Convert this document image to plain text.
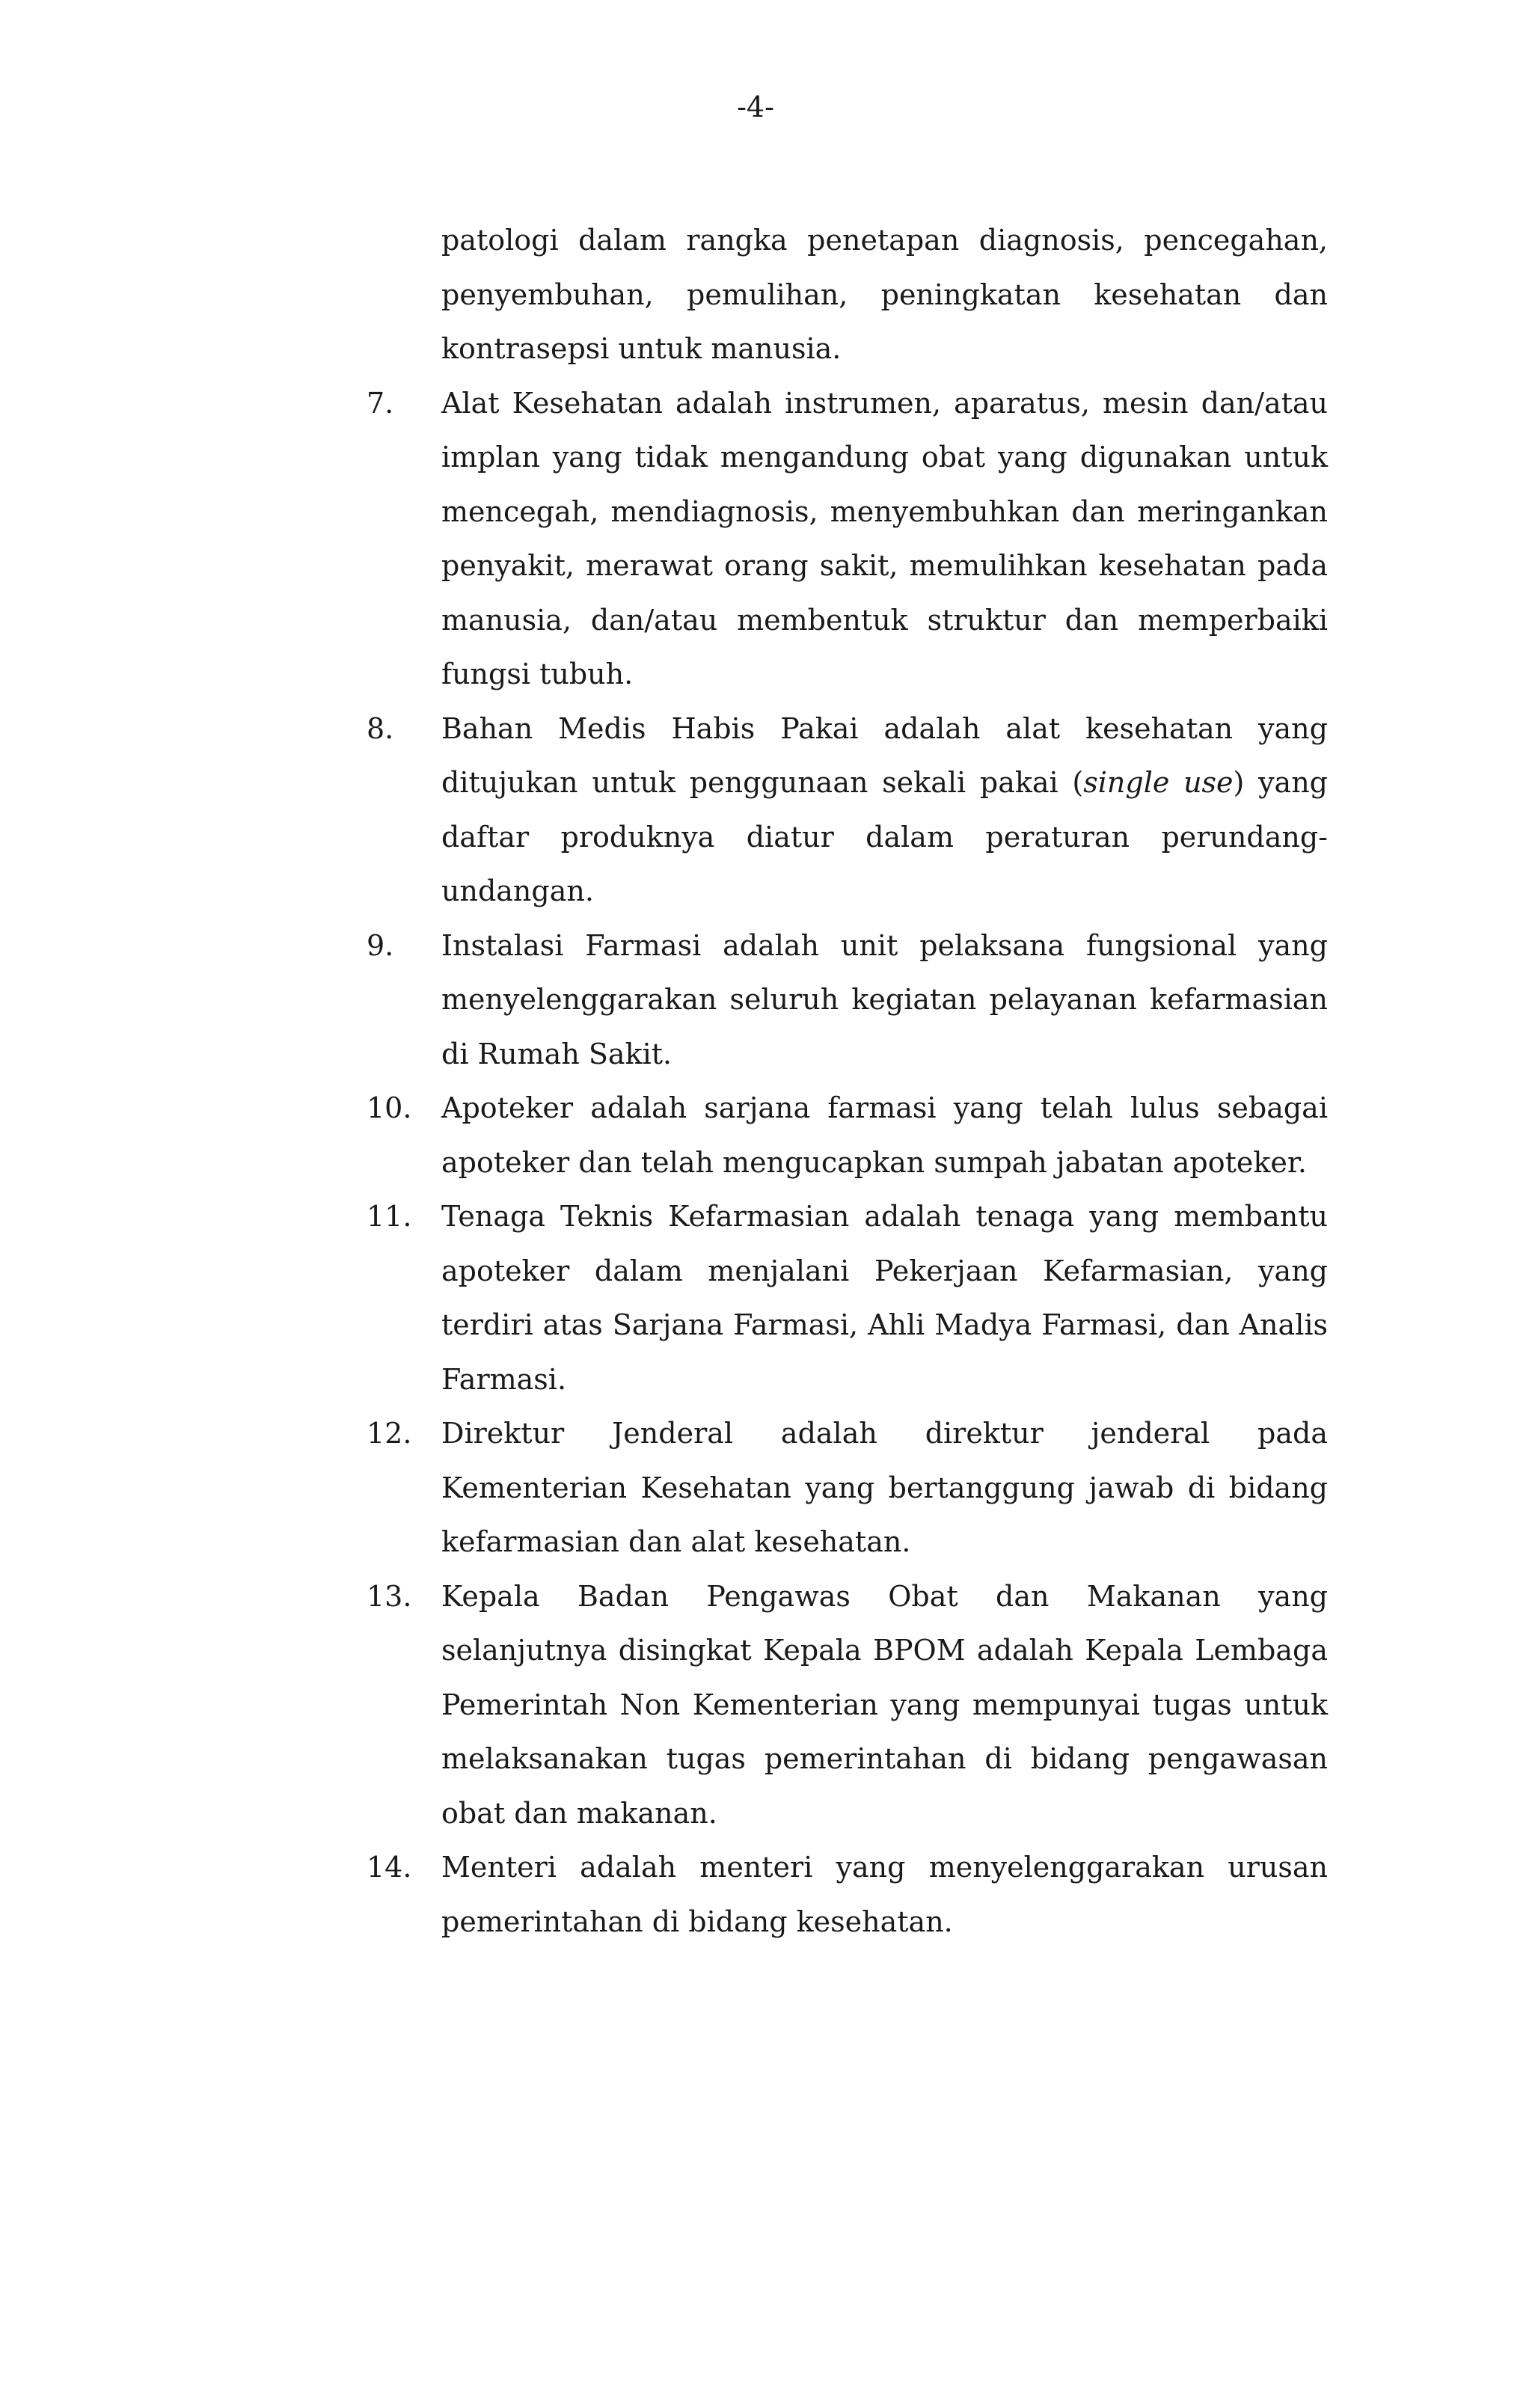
-4-

patologi dalam rangka penetapan diagnosis, pencegahan, penyembuhan, pemulihan, peningkatan kesehatan dan kontrasepsi untuk manusia.

7.	Alat Kesehatan adalah instrumen, aparatus, mesin dan/atau implan yang tidak mengandung obat yang digunakan untuk mencegah, mendiagnosis, menyembuhkan dan meringankan penyakit, merawat orang sakit, memulihkan kesehatan pada manusia, dan/atau membentuk struktur dan memperbaiki fungsi tubuh.
8.	Bahan Medis Habis Pakai adalah alat kesehatan yang ditujukan untuk penggunaan sekali pakai (single use) yang daftar produknya diatur dalam peraturan perundang-undangan.
9.	Instalasi Farmasi adalah unit pelaksana fungsional yang menyelenggarakan seluruh kegiatan pelayanan kefarmasian di Rumah Sakit.
10.	Apoteker adalah sarjana farmasi yang telah lulus sebagai apoteker dan telah mengucapkan sumpah jabatan apoteker.
11.	Tenaga Teknis Kefarmasian adalah tenaga yang membantu apoteker dalam menjalani Pekerjaan Kefarmasian, yang terdiri atas Sarjana Farmasi, Ahli Madya Farmasi, dan Analis Farmasi.
12.	Direktur Jenderal adalah direktur jenderal pada Kementerian Kesehatan yang bertanggung jawab di bidang kefarmasian dan alat kesehatan.
13.	Kepala Badan Pengawas Obat dan Makanan yang selanjutnya disingkat Kepala BPOM adalah Kepala Lembaga Pemerintah Non Kementerian yang mempunyai tugas untuk melaksanakan tugas pemerintahan di bidang pengawasan obat dan makanan.
14.	Menteri adalah menteri yang menyelenggarakan urusan pemerintahan di bidang kesehatan.
